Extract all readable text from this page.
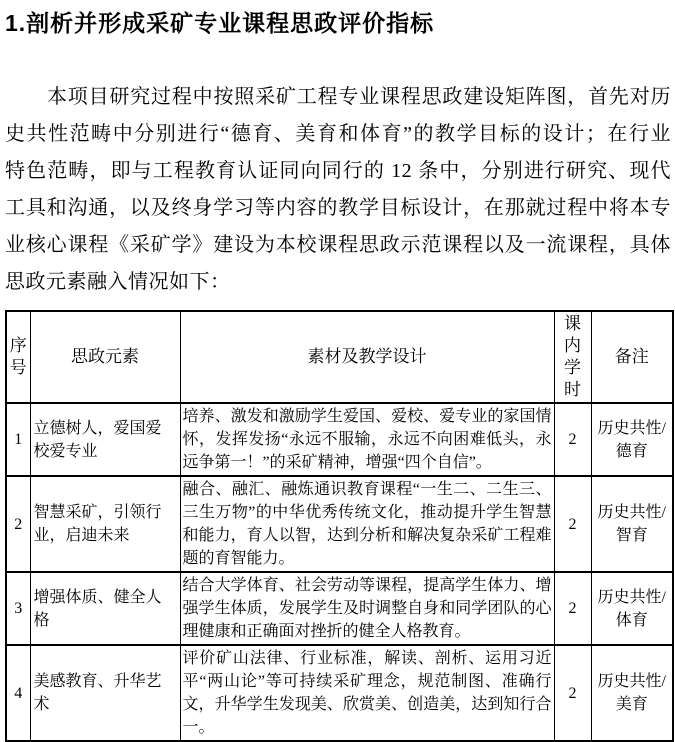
1.剖析并形成采矿专业课程思政评价指标
本项目研究过程中按照采矿工程专业课程思政建设矩阵图，首先对历
史共性范畴中分别进行“德育、美育和体育”的教学目标的设计；在行业
特色范畴，即与工程教育认证同向同行的 12 条中，分别进行研究、现代
工具和沟通，以及终身学习等内容的教学目标设计，在那就过程中将本专
业核心课程《采矿学》建设为本校课程思政示范课程以及一流课程，具体
思政元素融入情况如下：
序号	思政元素	素材及教学设计	课内学时	备注
1	立德树人，爱国爱校爱专业	培养、激发和激励学生爱国、爱校、爱专业的家国情怀，发挥发扬“永远不服输，永远不向困难低头，永远争第一！”的采矿精神，增强“四个自信”。	2	历史共性/德育
2	智慧采矿，引领行业，启迪未来	融合、融汇、融炼通识教育课程“一生二、二生三、三生万物”的中华优秀传统文化，推动提升学生智慧和能力，育人以智，达到分析和解决复杂采矿工程难题的育智能力。	2	历史共性/智育
3	增强体质、健全人格	结合大学体育、社会劳动等课程，提高学生体力、增强学生体质，发展学生及时调整自身和同学团队的心理健康和正确面对挫折的健全人格教育。	2	历史共性/体育
4	美感教育、升华艺术	评价矿山法律、行业标准，解读、剖析、运用习近平“两山论”等可持续采矿理念，规范制图、准确行文，升华学生发现美、欣赏美、创造美，达到知行合一。	2	历史共性/美育
